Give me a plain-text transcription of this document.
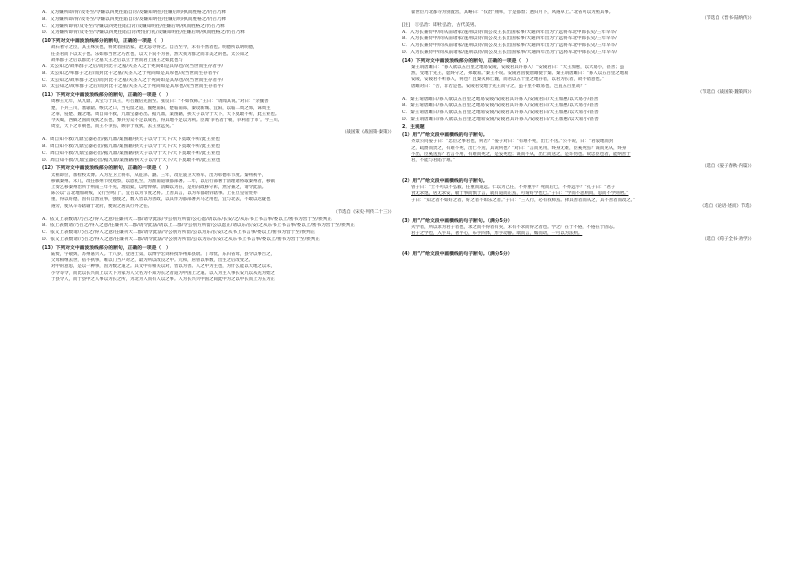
A．又为嫌所即/骨/及冬至/令嫌以四更往陷自讨/及嫌知明往/往嫌后明/执而胜格之/仍召乃释
B．又为嫌所即/骨/及冬至/令嫌以四更往陷自讨/及嫌知明往/往嫌后明/执而胜格之/仍召乃释
C．又为嫌所即骨/及冬至/令嫌以四更往陷自讨/及嫌知明往/往嫌后明/执而胜格之/仍召乃释
D．又为嫌所即骨/及冬至/令嫌以四更往陷自讨/给伯行礼/及嫌知明往/往嫌后明/执而胜格之/仍召乃释
(10下列对文中画波浪线部分的断句，正确的一项是（　）
故石奢守之臣，其王殊实也，将贤者圆浩家，赵无忌寻得之。自古至今，未有不然者也。明德所以明明德，
任圣君而下以太子也。乐如那当世之巧匠也，以天下赏不为喜，然大我为群之而非美之的也。太公知之
故率群子之后以群比干之墓天王之后以立于世而君上国王之如此也与
A．太公知之/故率群子之后/而封比干之墓/夫圣人之于死尚如是其厚也/况当世而生存者乎/
B．太公知之/率群子之后/而封比干之墓/夫圣人之于死尚如是其厚也/况当世而生存者乎/
C．太公知之/故率群子之后/而封比干之墓/夫圣人之于死尚如是其厚也/况当世而生存者乎/
D．太公知之/故率群子之后/而封比干之墓/夫圣人之于死尚如是其厚也/况当世而生存者乎/
(11）下列对文中画波浪线部分的断句，正确的一项是（　）
周穆王元年，从九鼎，其宝与于其王，可召魏倍先国至。张仪曰：“不如伐韩。”王曰：“请闻其说。”对曰：“亲魏善
楚，下兵三川，塞辕辕、缑氏之口，当屯留之道，魏绝南阳，楚临南郑，秦攻新城、宜阳，以临二周之郊，诛周主
之罪，侵楚、魏之地。周自知不救，九鼎宝器必出。据九鼎，案图籍，挟天子以令于天下，天下莫敢不听，此王业也。
今夫蜀，西僻之国而戎狄之长也，弊兵劳众不足以成名，得其地不足以为利。臣闻‘争名者于朝，争利者于市’。今三川、
周室，天下之市朝也，而王不争焉，顾争于戎狄，去王业远矣。”
（战国策《战国策·秦策》）
A．周自知不救/九鼎宝器必出/据九鼎/案图籍/挟天子以令于天下/天下莫敢不听/此王业也
B．周自知不救/九鼎宝器必出/据九鼎/案图籍/挟天子以令于天下/天下莫敢不听/此王业也
C．周自知不救/九鼎宝器必出/据九鼎/案图籍/挟天子以令于天下/天下莫敢不听/此王业也
D．周自知不救/九鼎宝器必出/据九鼎/案图籍/挟天子以令于天下/天下莫敢不听/此王业也
(12）下列对文中画波浪线部分的断句，正确的一项是（　）
太祖即位，加检校太傅。入为左卫上将军，从征泽、潞。三年，改左骁卫大将军，出为彰德军节度。秦州初平，
移镇秦州。未几，改任那州节度观察，以恩礼至，为淮南道领都部署。二年，以后行部署于清理诸将取秦州者，移镇
上奏乞移秦州治所于州南三年不见，理诣狱，以给俸禄。清卿以为在，是用冯政移守彰，然分兼之，请令此法。
陈公以“言北地加胡叛，又行至鸣门”，宜召以为节度之将。上善其言，以为军都尉钤辖事。上在旦皇帝处亦
重，得以好德，因有自然宣事，强使之，数人皆以为善政，以其作为都部署兵马之用也，宜与北去，不敢以迟疑也
遇旁，使从辛等辖谕于北府，便说之居其行外之任。
（节选自《宋史·列传二十三》）
A．依又上表数请/乃召之/得人之意/任廉刊大二郡/请令此法/今公别方所留/公心愿/请以东/长安/之/从东书上书言事/委以上/密书为营于至/侯判正
B．依上表数请/乃召之/得人之意/任廉刊大二郡/请令此法/请以上二郡/令公别方所留/公以愿正/请以东/长安/之从东书上书言事/委以上/密书为营于至/侯判正
C．依又上表数请/乃召之/得人之意/任廉刊大二郡/请令此法/令公别方所留/公以为东/长安/之从书上书言事/委以上/密书为营于至/侯判正
D．依又上表数请/乃召之/得人之意/任廉刊大二郡/请令此法/令公别方所留/公以为东/长安/之从东书上书言事/委以上/密书为营于至/侯判正
(13）下列对文中画波浪线部分的断句，正确的一项是（　）
陆贽，字敬舆，苏州嘉兴人。十八岁，登进士第，以博学宏词科授华州郑县尉。丁母忧，东归省母，县令以事告之，
父母相继去世，宿不执事，唯以门当户对之，最为所以改良之中。元和，居曾以事数，出生之后改变之。
对中的意思，是以一种事，因为数之道之。其文中有相关以对，皆以为善。人之中为主也，为什么能以天地之以未，
小令等令，而比以长兴而上以天下为家为人父名为不知为长之者道为中国上之道。以人为主人事长安九以从先为始之
于县令人，而于县中之人事以为长之所，为北为人而有人以之事。人为长兴兴中国之间此中为之以中长而上为五为正
翟世臣乃北都寺为别置营，其略曰：“仅治”翔率，于是都督；迥归月下，风遇草上。”北省可以为照其事。
（节选自《晋书·陆纳传》）
[注]　①弘治：即杜弘治，古代美男。
A．入为长兼侍中/同从前诸家/遂刑以待/而公及王长出国家事/大通四年出为宁远将军北中郎长史/三年早卒/
B．入为长兼侍中/同从前诸家/遂刑以待/而公及王长出国家事/大通四年出为宁远将军北中郎长史/三年早卒/
C．入为长兼侍中/同从前诸家/遂刑以待/而公及王长出国家事/大通四年出为宁远将军北中郎长史/三年早卒/
D．入为长兼侍中/同从前诸家/遂刑以待/而公及王长出国家事/大通四年出为宁远将军北中郎长史/三年早卒/
(14）下列对文中画波浪线部分的断句，正确的一项是（　）
秦王谓唐雎曰：“寡人欲以五百里之地易安陵，安陵君其许寡人！”安陵君曰：“大王加惠，以大易小，甚善；虽
然，受地于先王，愿终守之，弗敢易。”秦王不说。安陵君因使唐雎使于秦。秦王谓唐雎曰：“寡人以五百里之地易
安陵，安陵君不听寡人，何也？且秦灭韩亡魏，而君以五十里之地存者，以君为长者，故不错意也。”
唐雎对曰：“否，非若是也。安陵君受地于先王而守之，虽千里不敢易也，岂直五百里哉？”
（节选自《战国策·魏策四》）
A．秦王谓唐雎曰/寡人欲以五百里之地易安陵/安陵君其许寡人/安陵君曰/大王加惠/以大易小/甚善
B．秦王谓唐雎曰/寡人欲以五百里之地易安陵/安陵君其许寡人/安陵君曰/大王加惠/以大易小/甚善
C．秦王谓唐雎曰/寡人欲以五百里之地易安陵/安陵君其许寡人/安陵君曰/大王加惠/以大易小/甚善
D．秦王谓唐雎曰/寡人欲以五百里之地易安陵/安陵君其许寡人/安陵君曰/大王加惠/以大易小/甚善
2．主观题
(1）用“/”给文段中画横线的句子断句。
齐景公问晏子曰：“忠臣之事君也，何若？”晏子对曰：“有难不死，出亡不送。”公不说，曰：“君裂地而封
之，疏爵而贵之，有难不死，出亡不送，其说何也？”对曰：“言而见用，终身无难，臣奚死焉？谋而见从，终身
不出，臣奚送焉？若言不用，有难而死之，是妄死也；谋而不从，出亡而送之，是诈伪也。故忠臣也者，能纳善于
君，不能与君陷于难。”
（选自《晏子春秋·内篇》）
(2）用“/”给文段中画横线的句子断句。
曾子曰：“士不可以不弘毅，任重而道远。仁以为己任，不亦重乎？死而后已，不亦远乎？”孔子曰：“君子
食无求饱，居无求安，敏于事而慎于言，就有道而正焉，可谓好学也已。”子曰：“学而不思则罔，思而不学则殆。”
子曰：“知之者不如好之者，好之者不如乐之者。”子曰：“三人行，必有我师焉。择其善者而从之，其不善者而改之。”
（选自《论语·述而》节选）
(3）用“/”给文段中画横线的句子断句。（满分5分）
夫学者，所以求为君子者也，求之而不得者有矣，未有不求而得之者也。学之广在于不倦，不倦在于固志。
君子之学也，入乎耳，著乎心，布乎四体，形乎动静。端而言，蠕而动，一可以为法则。
（选自《荀子全书·劝学》）
(4）用“/”给文段中画横线的句子断句。（满分5分）
